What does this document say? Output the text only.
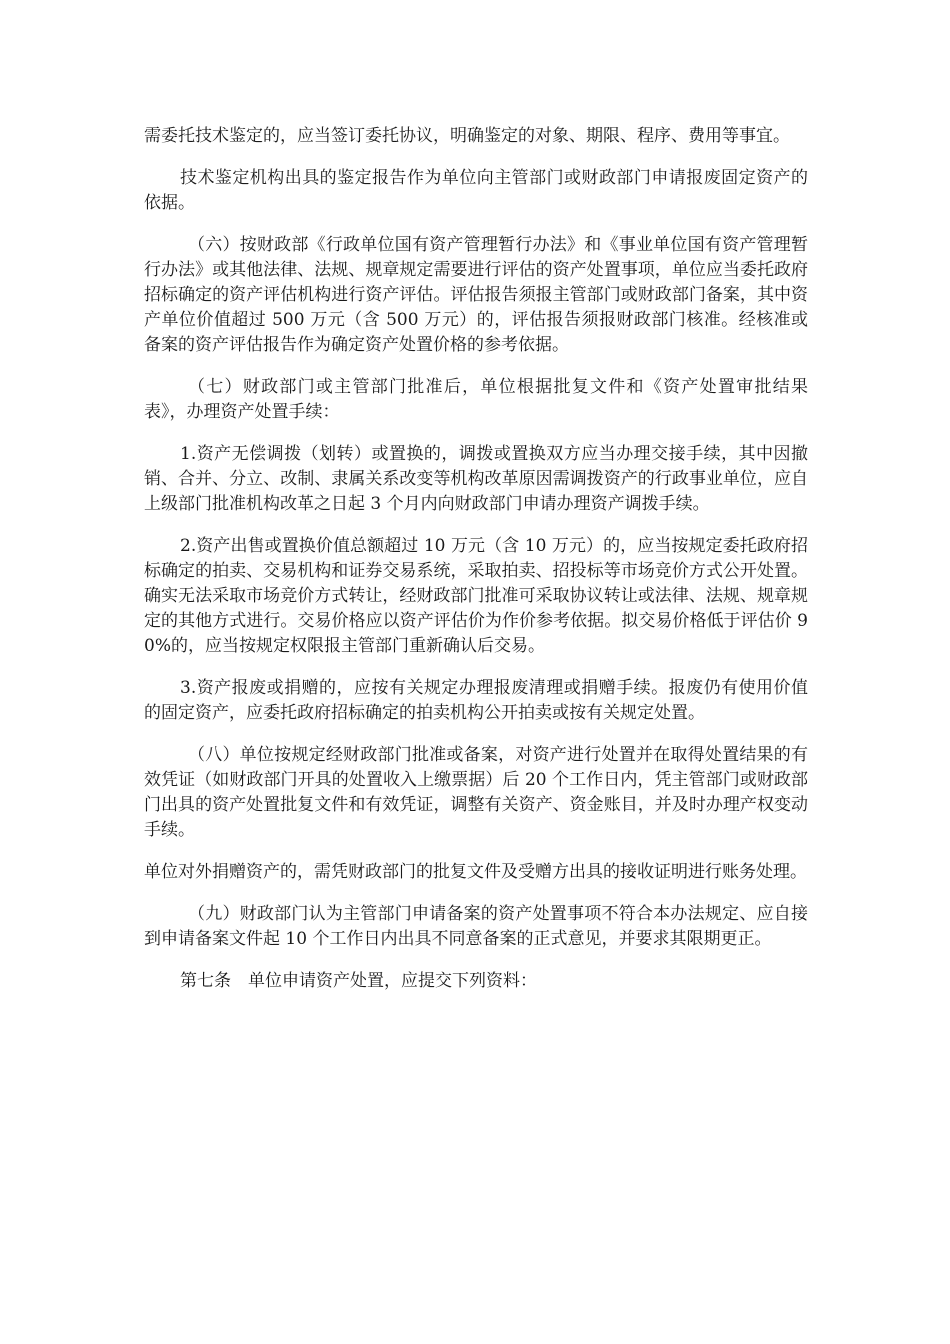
需委托技术鉴定的，应当签订委托协议，明确鉴定的对象、期限、程序、费用等事宜。

技术鉴定机构出具的鉴定报告作为单位向主管部门或财政部门申请报废固定资产的依据。

（六）按财政部《行政单位国有资产管理暂行办法》和《事业单位国有资产管理暂行办法》或其他法律、法规、规章规定需要进行评估的资产处置事项，单位应当委托政府招标确定的资产评估机构进行资产评估。评估报告须报主管部门或财政部门备案，其中资产单位价值超过 500 万元（含 500 万元）的，评估报告须报财政部门核准。经核准或备案的资产评估报告作为确定资产处置价格的参考依据。

（七）财政部门或主管部门批准后，单位根据批复文件和《资产处置审批结果表》，办理资产处置手续：

1.资产无偿调拨（划转）或置换的，调拨或置换双方应当办理交接手续，其中因撤销、合并、分立、改制、隶属关系改变等机构改革原因需调拨资产的行政事业单位，应自上级部门批准机构改革之日起 3 个月内向财政部门申请办理资产调拨手续。

2.资产出售或置换价值总额超过 10 万元（含 10 万元）的，应当按规定委托政府招标确定的拍卖、交易机构和证券交易系统，采取拍卖、招投标等市场竞价方式公开处置。确实无法采取市场竞价方式转让，经财政部门批准可采取协议转让或法律、法规、规章规定的其他方式进行。交易价格应以资产评估价为作价参考依据。拟交易价格低于评估价 90%的，应当按规定权限报主管部门重新确认后交易。

3.资产报废或捐赠的，应按有关规定办理报废清理或捐赠手续。报废仍有使用价值的固定资产，应委托政府招标确定的拍卖机构公开拍卖或按有关规定处置。

（八）单位按规定经财政部门批准或备案，对资产进行处置并在取得处置结果的有效凭证（如财政部门开具的处置收入上缴票据）后 20 个工作日内，凭主管部门或财政部门出具的资产处置批复文件和有效凭证，调整有关资产、资金账目，并及时办理产权变动手续。

单位对外捐赠资产的，需凭财政部门的批复文件及受赠方出具的接收证明进行账务处理。

（九）财政部门认为主管部门申请备案的资产处置事项不符合本办法规定、应自接到申请备案文件起 10 个工作日内出具不同意备案的正式意见，并要求其限期更正。

第七条　单位申请资产处置，应提交下列资料：
